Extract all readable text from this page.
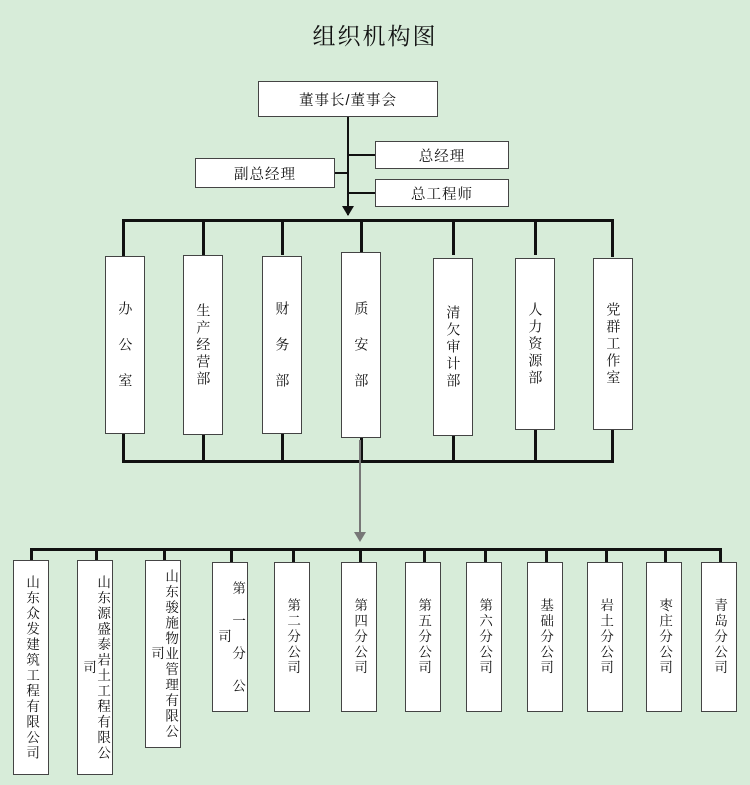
组织机构图
董事长/董事会
副总经理
总经理
总工程师
办 公 室	生产经营部	财 务 部	质 安 部	清欠审计部	人力资源部	党群工作室
山东众发建筑工程有限公司	山东源盛泰岩土工程有限公司	山东骏施物业管理有限公司	第 一 分 公 司	第二分公司	第四分公司	第五分公司	第六分公司	基础分公司	岩土分公司	枣庄分公司	青岛分公司
